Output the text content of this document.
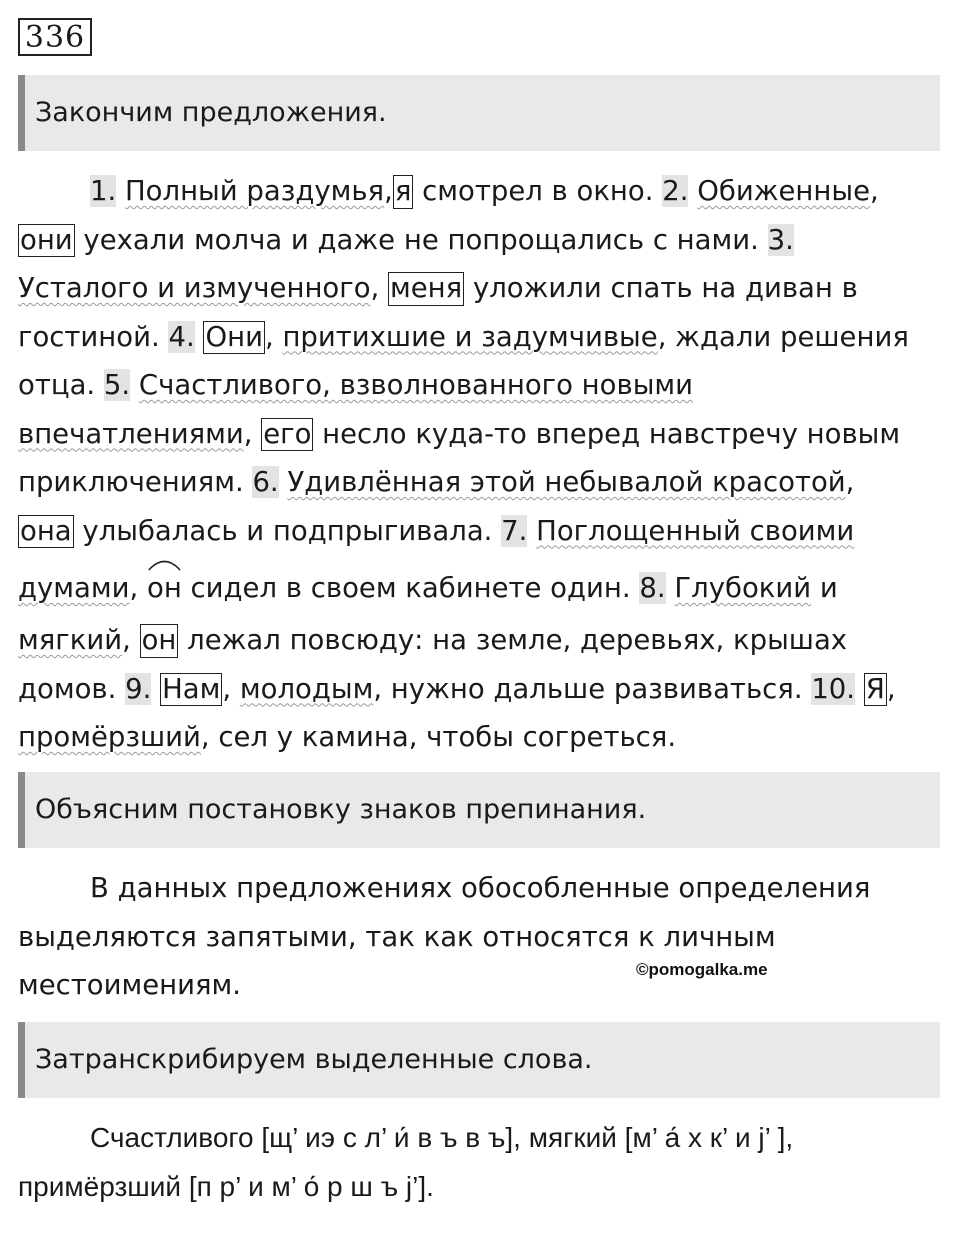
336
Закончим предложения.
1. Полный раздумья,я смотрел в окно. 2. Обиженные,
они уехали молча и даже не попрощались с нами. 3.
Усталого и измученного, меня уложили спать на диван в
гостиной. 4. Они, притихшие и задумчивые, ждали решения
отца. 5. Счастливого, взволнованного новыми
впечатлениями, его несло куда-то вперед навстречу новым
приключениям. 6. Удивлённая этой небывалой красотой,
она улыбалась и подпрыгивала. 7. Поглощенный своими
думами,
он сидел в своем кабинете один. 8. Глубокий и
мягкий, он лежал повсюду: на земле, деревьях, крышах
домов. 9. Нам, молодым, нужно дальше развиваться. 10. Я,
промёрзший, сел у камина, чтобы согреться.
Объясним постановку знаков препинания.
В данных предложениях обособленные определения
выделяются запятыми, так как относятся к личным
местоимениям.	©pomogalka.me
Затранскрибируем выделенные слова.
Счастливого [щ’ иэ с л’ и́ в ъ в ъ], мягкий [м’ а́ х к’ и j’ ],
примёрзший [п р’ и м’ о́ р ш ъ j’].
